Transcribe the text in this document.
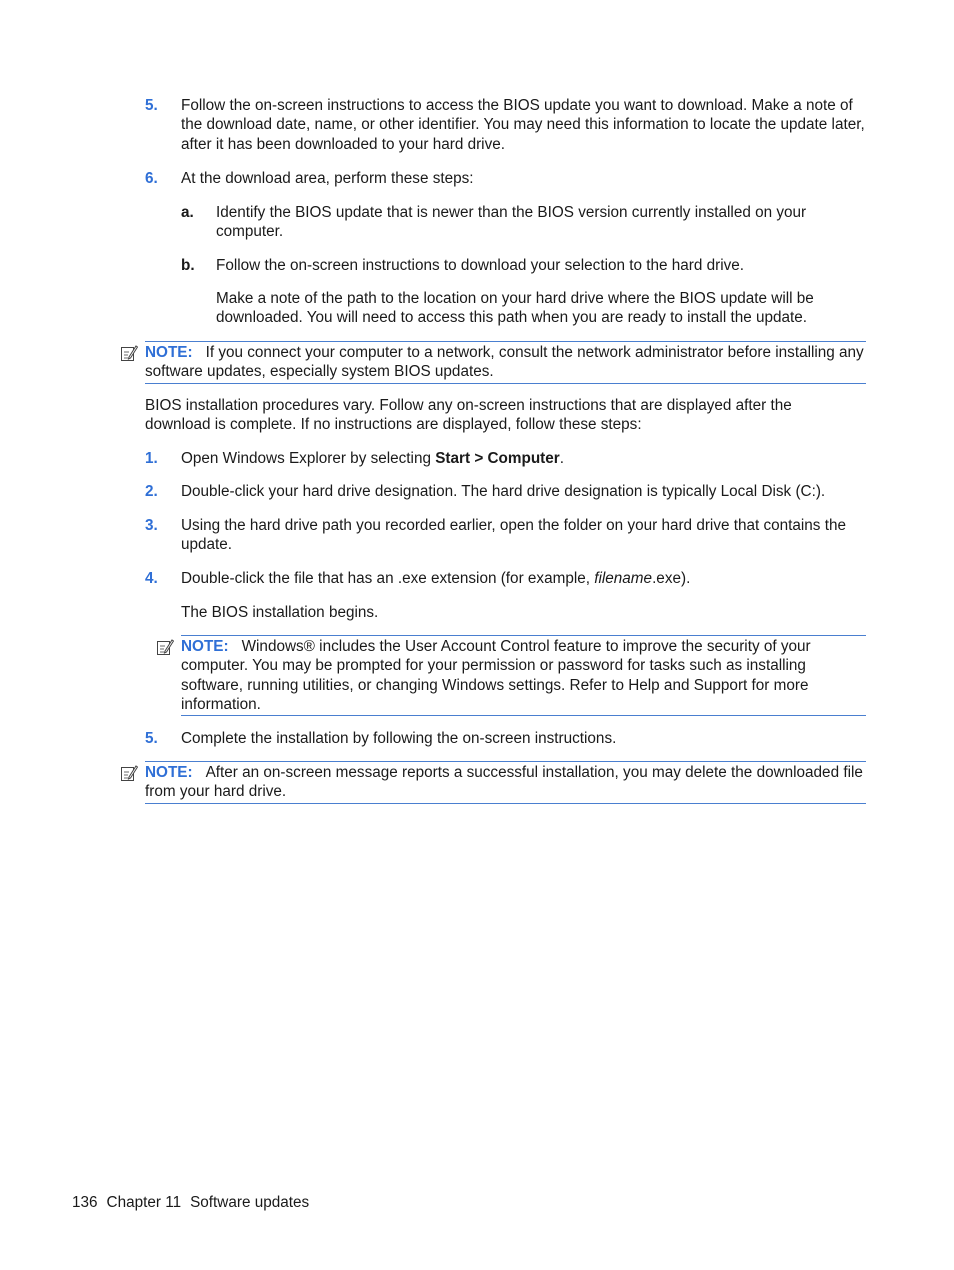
5. Follow the on-screen instructions to access the BIOS update you want to download. Make a note of the download date, name, or other identifier. You may need this information to locate the update later, after it has been downloaded to your hard drive.
6. At the download area, perform these steps:
a. Identify the BIOS update that is newer than the BIOS version currently installed on your computer.
b. Follow the on-screen instructions to download your selection to the hard drive.
Make a note of the path to the location on your hard drive where the BIOS update will be downloaded. You will need to access this path when you are ready to install the update.
NOTE: If you connect your computer to a network, consult the network administrator before installing any software updates, especially system BIOS updates.
BIOS installation procedures vary. Follow any on-screen instructions that are displayed after the download is complete. If no instructions are displayed, follow these steps:
1. Open Windows Explorer by selecting Start > Computer.
2. Double-click your hard drive designation. The hard drive designation is typically Local Disk (C:).
3. Using the hard drive path you recorded earlier, open the folder on your hard drive that contains the update.
4. Double-click the file that has an .exe extension (for example, filename.exe).
The BIOS installation begins.
NOTE: Windows® includes the User Account Control feature to improve the security of your computer. You may be prompted for your permission or password for tasks such as installing software, running utilities, or changing Windows settings. Refer to Help and Support for more information.
5. Complete the installation by following the on-screen instructions.
NOTE: After an on-screen message reports a successful installation, you may delete the downloaded file from your hard drive.
136 Chapter 11 Software updates
